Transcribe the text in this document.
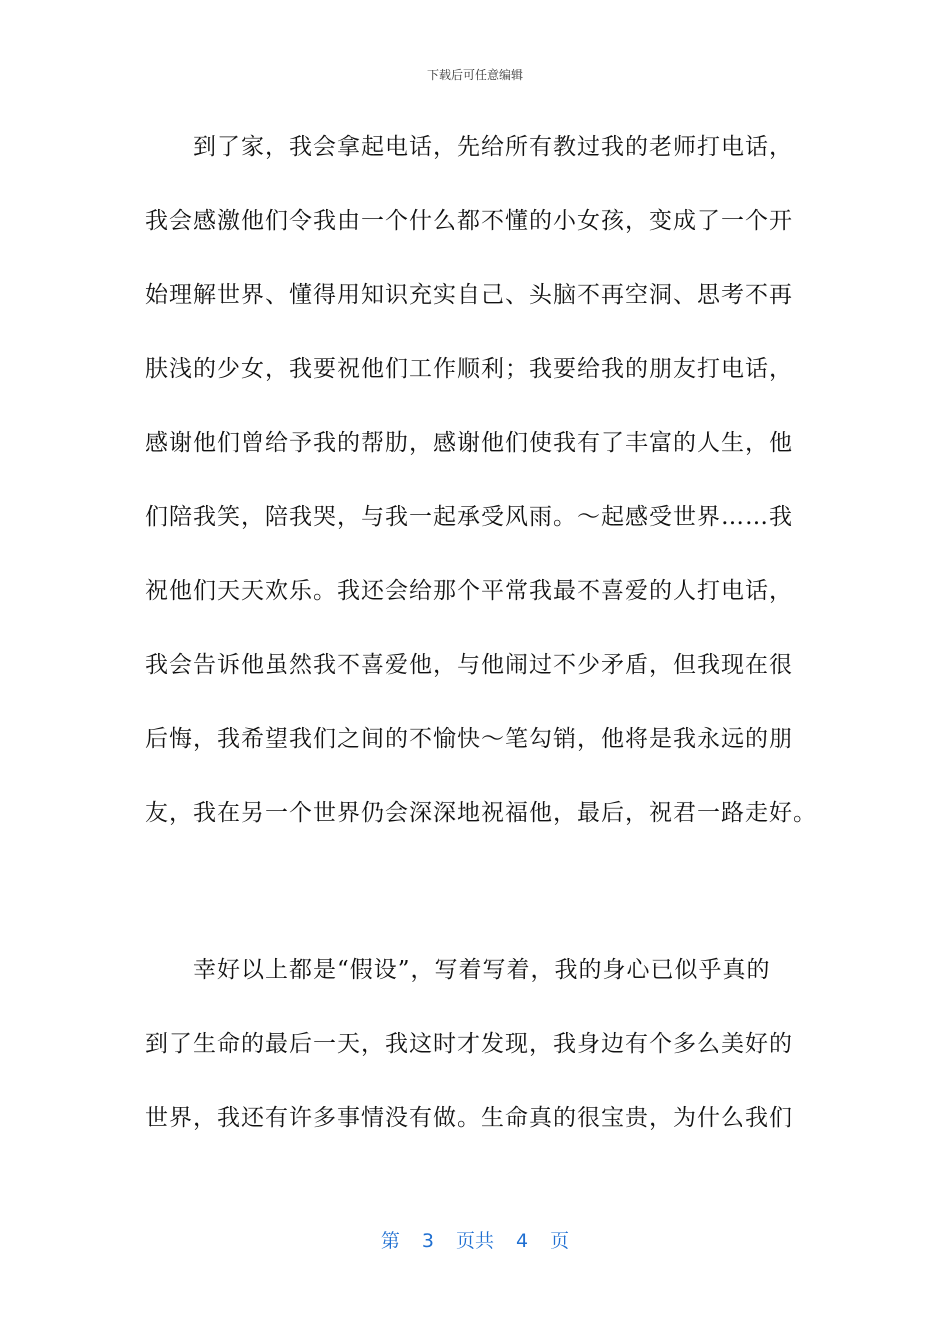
下载后可任意编辑
　　到了家，我会拿起电话，先给所有教过我的老师打电话，
我会感激他们令我由一个什么都不懂的小女孩，变成了一个开
始理解世界、懂得用知识充实自己、头脑不再空洞、思考不再
肤浅的少女，我要祝他们工作顺利；我要给我的朋友打电话，
感谢他们曾给予我的帮肋，感谢他们使我有了丰富的人生，他
们陪我笑，陪我哭，与我一起承受风雨。～起感受世界……我
祝他们天天欢乐。我还会给那个平常我最不喜爱的人打电话，
我会告诉他虽然我不喜爱他，与他闹过不少矛盾，但我现在很
后悔，我希望我们之间的不愉快～笔勾销，他将是我永远的朋
友，我在另一个世界仍会深深地祝福他，最后，祝君一路走好。
　　幸好以上都是“假设”，写着写着，我的身心已似乎真的
到了生命的最后一天，我这时才发现，我身边有个多么美好的
世界，我还有许多事情没有做。生命真的很宝贵，为什么我们
第 3 页共 4 页
